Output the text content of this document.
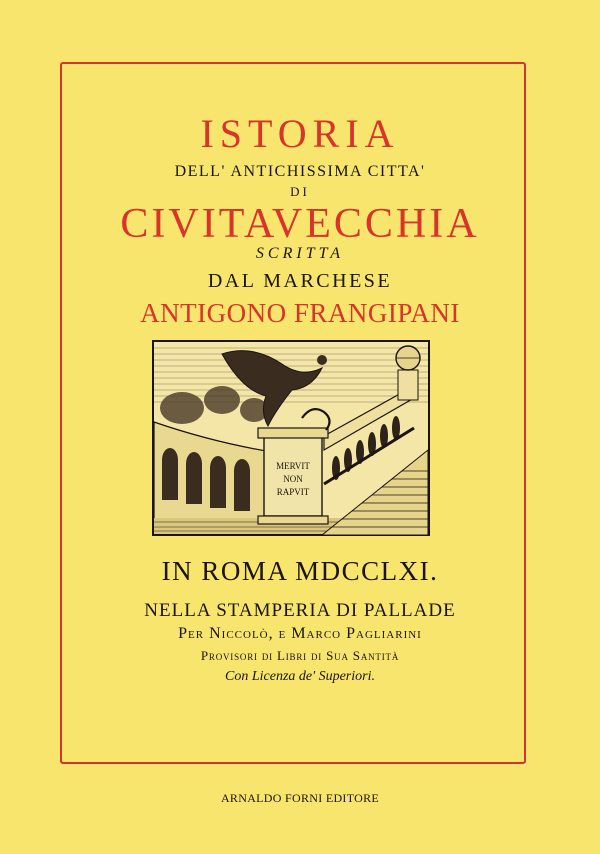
ISTORIA
DELL' ANTICHISSIMA CITTA'
DI
CIVITAVECCHIA
SCRITTA
DAL MARCHESE
ANTIGONO FRANGIPANI
MERVIT
NON
RAPVIT
IN ROMA MDCCLXI.
NELLA STAMPERIA DI PALLADE
Per Niccolò, e Marco Pagliarini
Provisori di Libri di Sua Santità
Con Licenza de' Superiori.
ARNALDO FORNI EDITORE
